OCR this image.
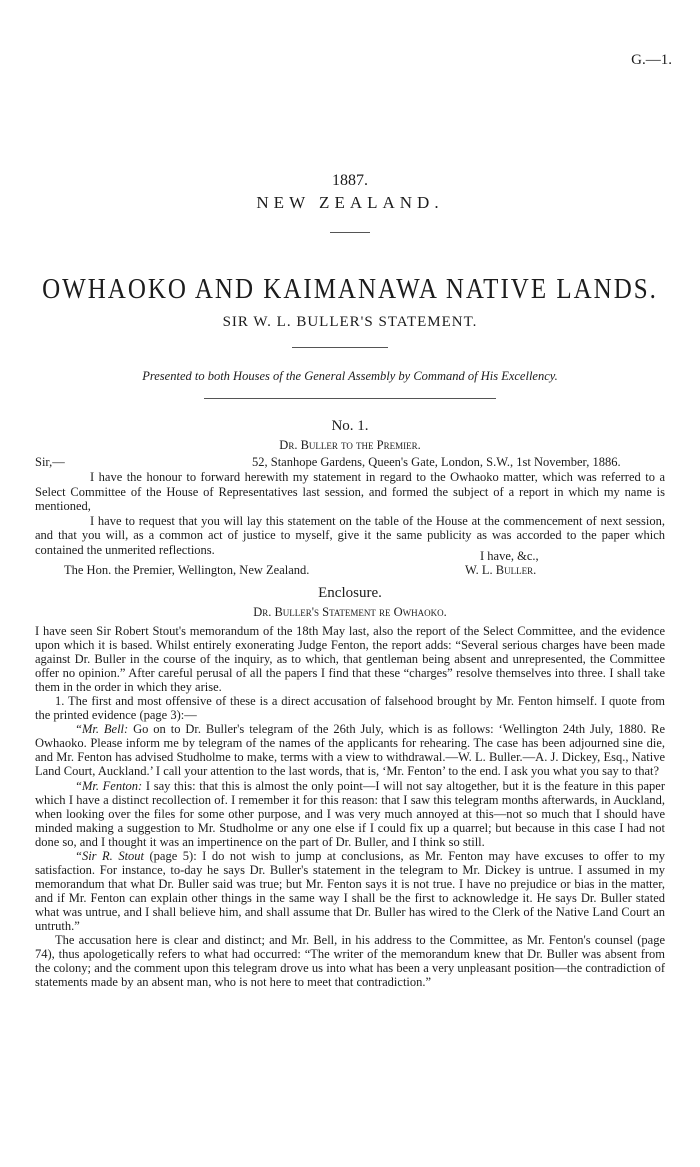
G.—1.
1887.
NEW ZEALAND.
OWHAOKO AND KAIMANAWA NATIVE LANDS.
SIR W. L. BULLER'S STATEMENT.
Presented to both Houses of the General Assembly by Command of His Excellency.
No. 1.
Dr. Buller to the Premier.
Sir,—	52, Stanhope Gardens, Queen's Gate, London, S.W., 1st November, 1886.

I have the honour to forward herewith my statement in regard to the Owhaoko matter, which was referred to a Select Committee of the House of Representatives last session, and formed the subject of a report in which my name is mentioned,

I have to request that you will lay this statement on the table of the House at the commencement of next session, and that you will, as a common act of justice to myself, give it the same publicity as was accorded to the paper which contained the unmerited reflections.	I have, &c.,
The Hon. the Premier, Wellington, New Zealand.	W. L. Buller.
Enclosure.
Dr. Buller's Statement re Owhaoko.

I have seen Sir Robert Stout's memorandum of the 18th May last, also the report of the Select Committee, and the evidence upon which it is based. Whilst entirely exonerating Judge Fenton, the report adds: “Several serious charges have been made against Dr. Buller in the course of the inquiry, as to which, that gentleman being absent and unrepresented, the Committee offer no opinion.” After careful perusal of all the papers I find that these “charges” resolve themselves into three. I shall take them in the order in which they arise.

1. The first and most offensive of these is a direct accusation of falsehood brought by Mr. Fenton himself. I quote from the printed evidence (page 3):—

“Mr. Bell: Go on to Dr. Buller's telegram of the 26th July, which is as follows: ‘Wellington 24th July, 1880. Re Owhaoko. Please inform me by telegram of the names of the applicants for rehearing. The case has been adjourned sine die, and Mr. Fenton has advised Studholme to make, terms with a view to withdrawal.—W. L. Buller.—A. J. Dickey, Esq., Native Land Court, Auckland.’ I call your attention to the last words, that is, ‘Mr. Fenton’ to the end. I ask you what you say to that?

“Mr. Fenton: I say this: that this is almost the only point—I will not say altogether, but it is the feature in this paper which I have a distinct recollection of. I remember it for this reason: that I saw this telegram months afterwards, in Auckland, when looking over the files for some other purpose, and I was very much annoyed at this—not so much that I should have minded making a suggestion to Mr. Studholme or any one else if I could fix up a quarrel; but because in this case I had not done so, and I thought it was an impertinence on the part of Dr. Buller, and I think so still.

“Sir R. Stout (page 5): I do not wish to jump at conclusions, as Mr. Fenton may have excuses to offer to my satisfaction. For instance, to-day he says Dr. Buller's statement in the telegram to Mr. Dickey is untrue. I assumed in my memorandum that what Dr. Buller said was true; but Mr. Fenton says it is not true. I have no prejudice or bias in the matter, and if Mr. Fenton can explain other things in the same way I shall be the first to acknowledge it. He says Dr. Buller stated what was untrue, and I shall believe him, and shall assume that Dr. Buller has wired to the Clerk of the Native Land Court an untruth.”

The accusation here is clear and distinct; and Mr. Bell, in his address to the Committee, as Mr. Fenton's counsel (page 74), thus apologetically refers to what had occurred: “The writer of the memorandum knew that Dr. Buller was absent from the colony; and the comment upon this telegram drove us into what has been a very unpleasant position—the contradiction of statements made by an absent man, who is not here to meet that contradiction.”
